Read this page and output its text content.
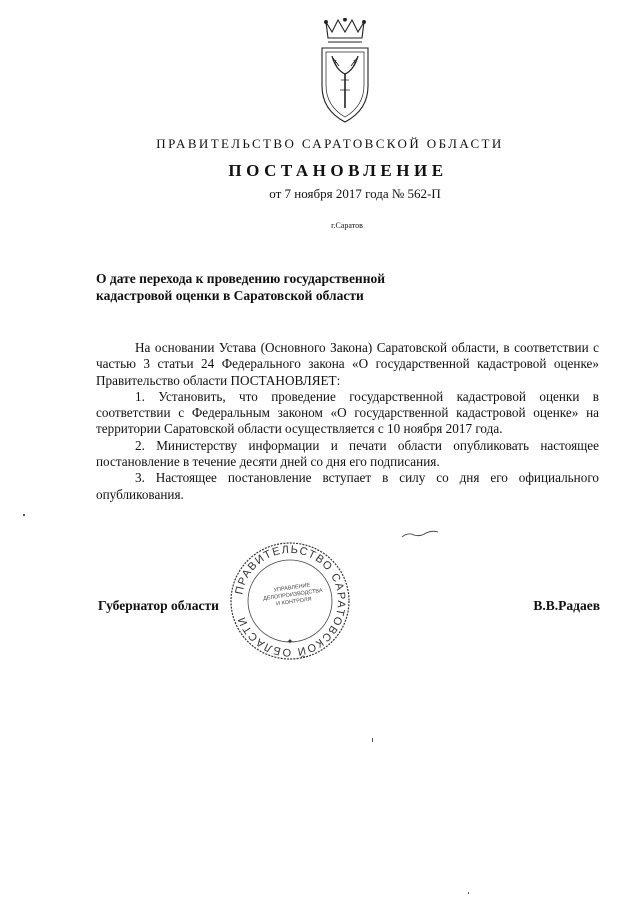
ПРАВИТЕЛЬСТВО САРАТОВСКОЙ ОБЛАСТИ
ПОСТАНОВЛЕНИЕ
от 7 ноября 2017 года № 562-П
г.Саратов
О дате перехода к проведению государственной
кадастровой оценки в Саратовской области

На основании Устава (Основного Закона) Саратовской области, в соответствии с частью 3 статьи 24 Федерального закона «О государственной кадастровой оценке» Правительство области ПОСТАНОВЛЯЕТ:

1. Установить, что проведение государственной кадастровой оценки в соответствии с Федеральным законом «О государственной кадастровой оценке» на территории Саратовской области осуществляется с 10 ноября 2017 года.

2. Министерству информации и печати области опубликовать настоящее постановление в течение десяти дней со дня его подписания.

3. Настоящее постановление вступает в силу со дня его официального опубликования.

ПРАВИТЕЛЬСТВО САРАТОВСКОЙ ОБЛАСТИ
✦
УПРАВЛЕНИЕ ДЕЛОПРОИЗВОДСТВА И КОНТРОЛЯ
Губернатор области	В.В.Радаев
